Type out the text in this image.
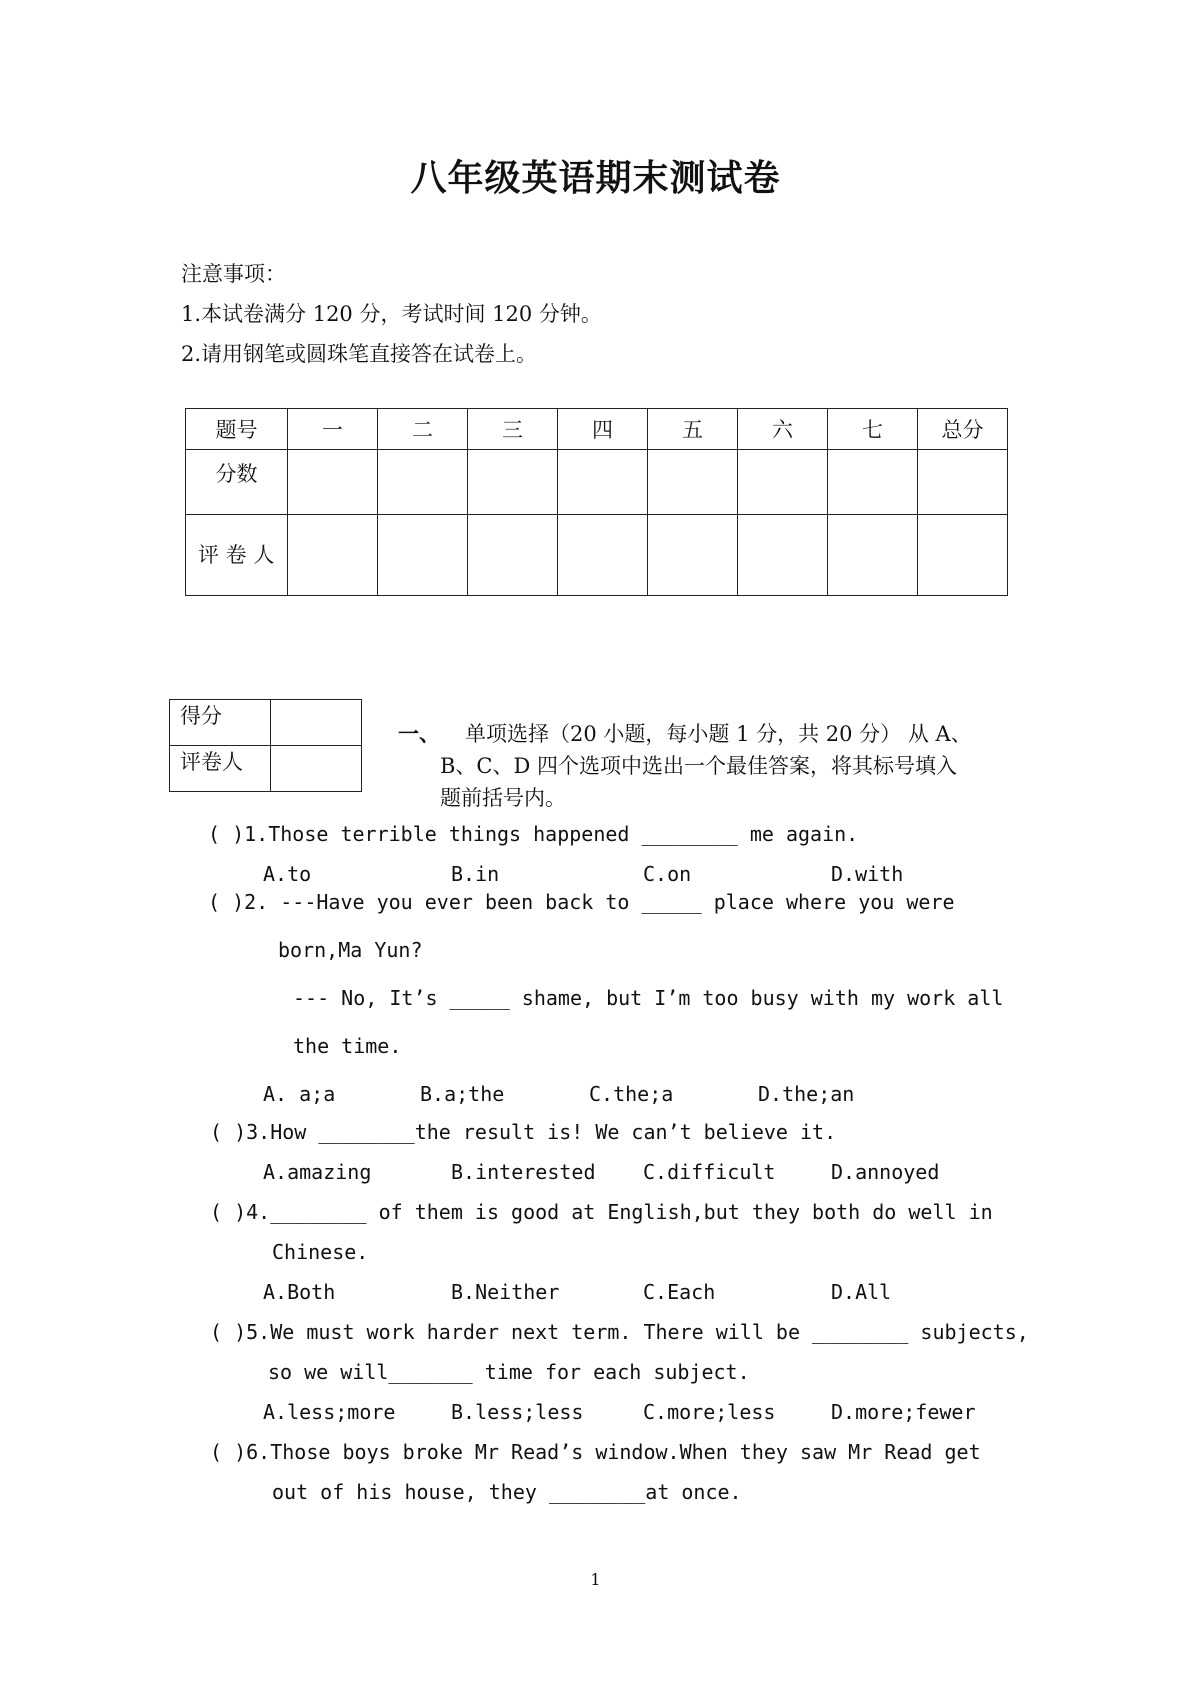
八年级英语期末测试卷
注意事项：
1.本试卷满分 120 分，考试时间 120 分钟。
2.请用钢笔或圆珠笔直接答在试卷上。
题号	一	二	三	四	五	六	七	总分
分数								
评 卷 人								
得分	
评卷人	
一、 单项选择（20 小题，每小题 1 分，共 20 分） 从 A、
B、C、D 四个选项中选出一个最佳答案，将其标号填入
题前括号内。
( )1.Those terrible things happened ________ me again.
A.to	B.in	C.on	D.with
( )2. ---Have you ever been back to _____ place where you were
born,Ma Yun?
--- No, It’s _____ shame, but I’m too busy with my work all
the time.
A. a;a	B.a;the	C.the;a	D.the;an
( )3.How ________the result is! We can’t believe it.
A.amazing	B.interested C.difficult	D.annoyed
( )4.________ of them is good at English,but they both do well in
Chinese.
A.Both	B.Neither	C.Each	D.All
( )5.We must work harder next term. There will be ________ subjects,
so we will_______ time for each subject.
A.less;more	B.less;less	C.more;less	D.more;fewer
( )6.Those boys broke Mr Read’s window.When they saw Mr Read get
out of his house, they ________at once.
1
